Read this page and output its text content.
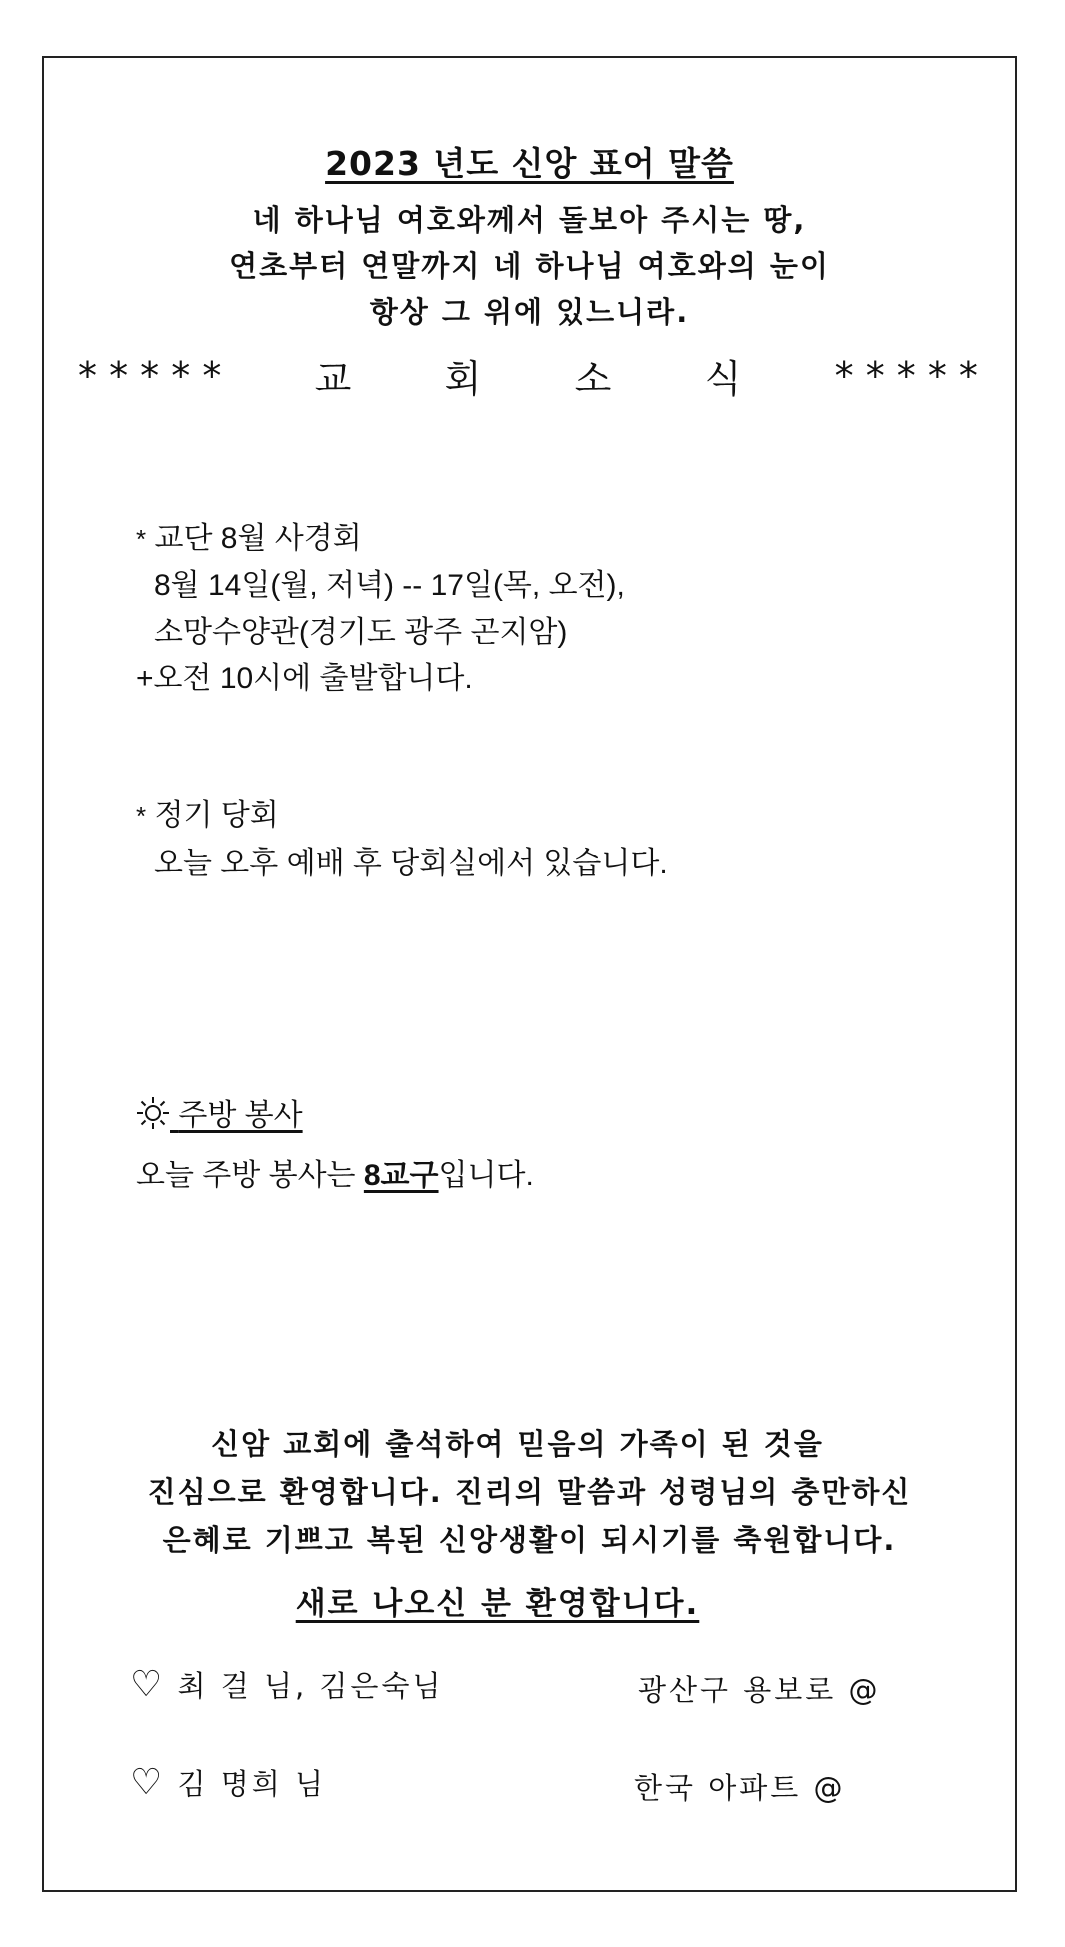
2023 년도 신앙 표어 말씀
네 하나님 여호와께서 돌보아 주시는 땅,
연초부터 연말까지 네 하나님 여호와의 눈이
항상 그 위에 있느니라.
* * * * * 교 회 소 식 * * * * *
* 교단 8월 사경회
8월 14일(월, 저녁) -- 17일(목, 오전),
소망수양관(경기도 광주 곤지암)
+오전 10시에 출발합니다.
* 정기 당회
오늘 오후 예배 후 당회실에서 있습니다.
주방 봉사
오늘 주방 봉사는 8교구입니다.
신암 교회에 출석하여 믿음의 가족이 된 것을
진심으로 환영합니다. 진리의 말씀과 성령님의 충만하신
은혜로 기쁘고 복된 신앙생활이 되시기를 축원합니다.
새로 나오신 분 환영합니다.
♡ 최 걸 님, 김은숙님	광산구 용보로 @
♡ 김 명희 님	한국 아파트 @
